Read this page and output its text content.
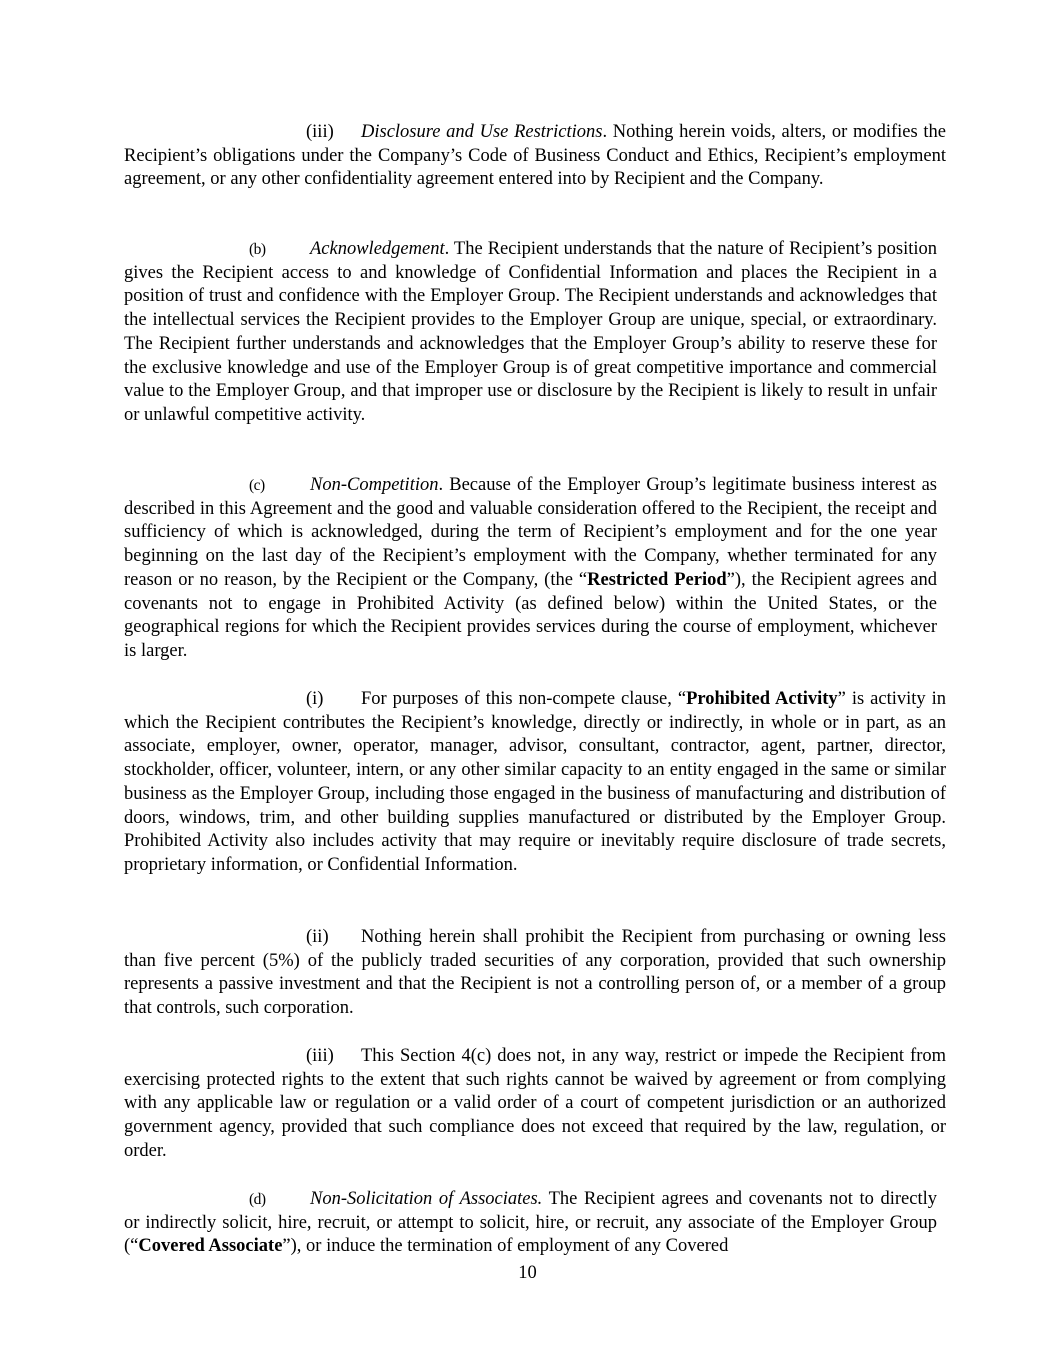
(iii) Disclosure and Use Restrictions. Nothing herein voids, alters, or modifies the Recipient’s obligations under the Company’s Code of Business Conduct and Ethics, Recipient’s employment agreement, or any other confidentiality agreement entered into by Recipient and the Company.

(b) Acknowledgement. The Recipient understands that the nature of Recipient’s position gives the Recipient access to and knowledge of Confidential Information and places the Recipient in a position of trust and confidence with the Employer Group. The Recipient understands and acknowledges that the intellectual services the Recipient provides to the Employer Group are unique, special, or extraordinary. The Recipient further understands and acknowledges that the Employer Group’s ability to reserve these for the exclusive knowledge and use of the Employer Group is of great competitive importance and commercial value to the Employer Group, and that improper use or disclosure by the Recipient is likely to result in unfair or unlawful competitive activity.

(c) Non-Competition. Because of the Employer Group’s legitimate business interest as described in this Agreement and the good and valuable consideration offered to the Recipient, the receipt and sufficiency of which is acknowledged, during the term of Recipient’s employment and for the one year beginning on the last day of the Recipient’s employment with the Company, whether terminated for any reason or no reason, by the Recipient or the Company, (the “Restricted Period”), the Recipient agrees and covenants not to engage in Prohibited Activity (as defined below) within the United States, or the geographical regions for which the Recipient provides services during the course of employment, whichever is larger.

(i) For purposes of this non-compete clause, “Prohibited Activity” is activity in which the Recipient contributes the Recipient’s knowledge, directly or indirectly, in whole or in part, as an associate, employer, owner, operator, manager, advisor, consultant, contractor, agent, partner, director, stockholder, officer, volunteer, intern, or any other similar capacity to an entity engaged in the same or similar business as the Employer Group, including those engaged in the business of manufacturing and distribution of doors, windows, trim, and other building supplies manufactured or distributed by the Employer Group. Prohibited Activity also includes activity that may require or inevitably require disclosure of trade secrets, proprietary information, or Confidential Information.

(ii) Nothing herein shall prohibit the Recipient from purchasing or owning less than five percent (5%) of the publicly traded securities of any corporation, provided that such ownership represents a passive investment and that the Recipient is not a controlling person of, or a member of a group that controls, such corporation.

(iii) This Section 4(c) does not, in any way, restrict or impede the Recipient from exercising protected rights to the extent that such rights cannot be waived by agreement or from complying with any applicable law or regulation or a valid order of a court of competent jurisdiction or an authorized government agency, provided that such compliance does not exceed that required by the law, regulation, or order.

(d) Non-Solicitation of Associates. The Recipient agrees and covenants not to directly or indirectly solicit, hire, recruit, or attempt to solicit, hire, or recruit, any associate of the Employer Group (“Covered Associate”), or induce the termination of employment of any Covered

10
